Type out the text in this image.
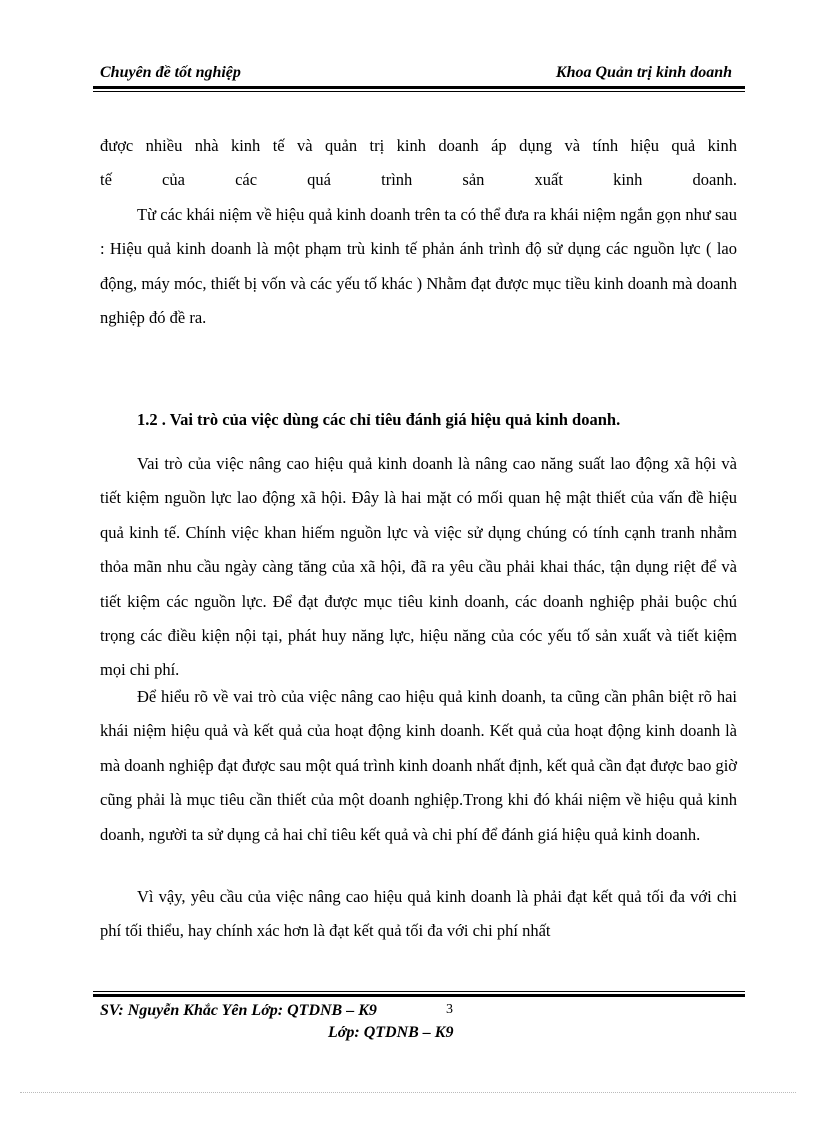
Chuyên đề tốt nghiệp	Khoa Quản trị kinh doanh

được nhiều nhà kinh tế và quản trị kinh doanh áp dụng và tính hiệu quả kinh

tế của các quá trình sản xuất kinh doanh.

Từ các khái niệm về hiệu quả kinh doanh trên ta có thể đưa ra khái niệm ngắn gọn như sau : Hiệu quả kinh doanh là một phạm trù kinh tế phản ánh trình độ sử dụng các nguồn lực ( lao động, máy móc, thiết bị vốn và các yếu tố khác ) Nhằm đạt được mục tiều kinh doanh mà doanh nghiệp đó đề ra.

1.2 . Vai trò của việc dùng các chỉ tiêu đánh giá hiệu quả kinh doanh.

Vai trò của việc nâng cao hiệu quả kinh doanh là nâng cao năng suất lao động xã hội và tiết kiệm nguồn lực lao động xã hội. Đây là hai mặt có mối quan hệ mật thiết của vấn đề hiệu quả kinh tế. Chính việc khan hiếm nguồn lực và việc sử dụng chúng có tính cạnh tranh nhằm thỏa mãn nhu cầu ngày càng tăng của xã hội, đã ra yêu cầu phải khai thác, tận dụng riệt để và tiết kiệm các nguồn lực. Để đạt được mục tiêu kinh doanh, các doanh nghiệp phải buộc chú trọng các điều kiện nội tại, phát huy năng lực, hiệu năng của cóc yếu tố sản xuất và tiết kiệm mọi chi phí.

Để hiểu rõ về vai trò của việc nâng cao hiệu quả kinh doanh, ta cũng cần phân biệt rõ hai khái niệm hiệu quả và kết quả của hoạt động kinh doanh. Kết quả của hoạt động kinh doanh là mà doanh nghiệp đạt được sau một quá trình kinh doanh nhất định, kết quả cần đạt được bao giờ cũng phải là mục tiêu cần thiết của một doanh nghiệp.Trong khi đó khái niệm về hiệu quả kinh doanh, người ta sử dụng cả hai chỉ tiêu kết quả và chi phí để đánh giá hiệu quả kinh doanh.

Vì vậy, yêu cầu của việc nâng cao hiệu quả kinh doanh là phải đạt kết quả tối đa với chi phí tối thiểu, hay chính xác hơn là đạt kết quả tối đa với chi phí nhất

SV: Nguyễn Khắc Yên Lớp: QTDNB – K9	3
Lớp: QTDNB – K9
